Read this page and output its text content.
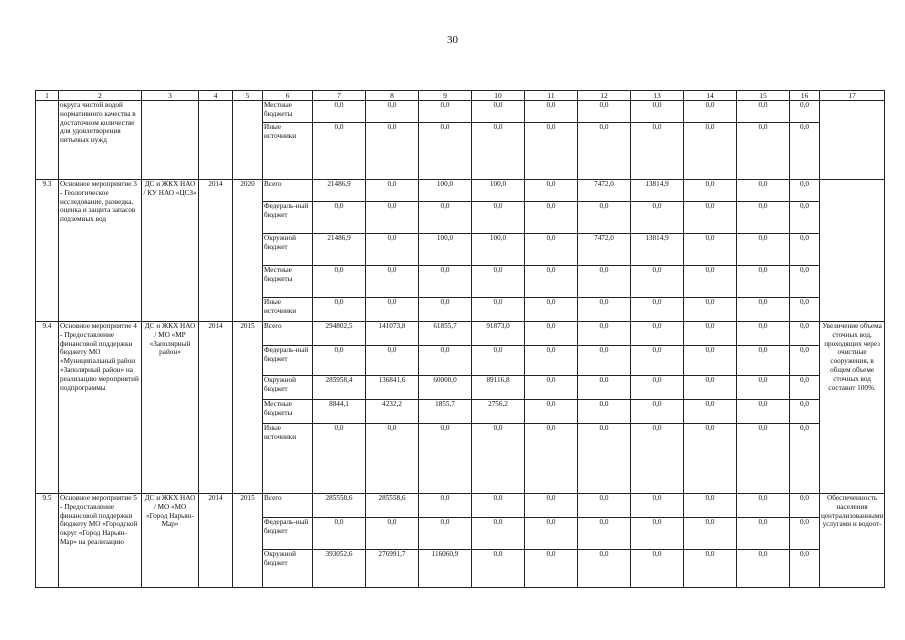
30
1	2	3	4	5	6	7	8	9	10	11	12	13	14	15	16	17
	округа чистой водой нормативного качества в достаточном количестве для удовлетворения питьевых нужд				Местные бюджеты	0,0	0,0	0,0	0,0	0,0	0,0	0,0	0,0	0,0	0,0	
					Иные источники	0,0	0,0	0,0	0,0	0,0	0,0	0,0	0,0	0,0	0,0	
9.3	Основное мероприятие 3 - Геологическое исследование, разведка, оценка и защита запасов подземных вод	ДС и ЖКХ НАО / КУ НАО «ЦСЗ»	2014	2020	Всего	21486,9	0,0	100,0	100,0	0,0	7472,0	13814,9	0,0	0,0	0,0	
					Федераль-ный бюджет	0,0	0,0	0,0	0,0	0,0	0,0	0,0	0,0	0,0	0,0	
					Окружной бюджет	21486,9	0,0	100,0	100,0	0,0	7472,0	13814,9	0,0	0,0	0,0	
					Местные бюджеты	0,0	0,0	0,0	0,0	0,0	0,0	0,0	0,0	0,0	0,0	
					Иные источники	0,0	0,0	0,0	0,0	0,0	0,0	0,0	0,0	0,0	0,0	
9.4	Основное мероприятие 4 - Предоставление финансовой поддержки бюджету МО «Муниципальный район «Заполярный район» на реализацию мероприятий подпрограммы	ДС и ЖКХ НАО / МО «МР «Заполярный район»	2014	2015	Всего	294802,5	141073,8	61855,7	91873,0	0,0	0,0	0,0	0,0	0,0	0,0	Увеличение объема сточных вод, проходящих через очистные сооружения, в общем объеме сточных вод составит 100%.
					Федераль-ный бюджет	0,0	0,0	0,0	0,0	0,0	0,0	0,0	0,0	0,0	0,0	
					Окружной бюджет	285958,4	136841,6	60000,0	89116,8	0,0	0,0	0,0	0,0	0,0	0,0	
					Местные бюджеты	8844,1	4232,2	1855,7	2756,2	0,0	0,0	0,0	0,0	0,0	0,0	
					Иные источники	0,0	0,0	0,0	0,0	0,0	0,0	0,0	0,0	0,0	0,0	
9.5	Основное мероприятие 5 - Предоставление финансовой поддержки бюджету МО «Городской округ «Город Нарьян-Мар» на реализацию	ДС и ЖКХ НАО / МО «МО «Город Нарьян-Мар»	2014	2015	Всего	285558,6	285558,6	0,0	0,0	0,0	0,0	0,0	0,0	0,0	0,0	Обеспеченность населения централизованными услугами и водоот-
					Федераль-ный бюджет	0,0	0,0	0,0	0,0	0,0	0,0	0,0	0,0	0,0	0,0	
					Окружной бюджет	393052,6	276991,7	116060,9	0,0	0,0	0,0	0,0	0,0	0,0	0,0	
